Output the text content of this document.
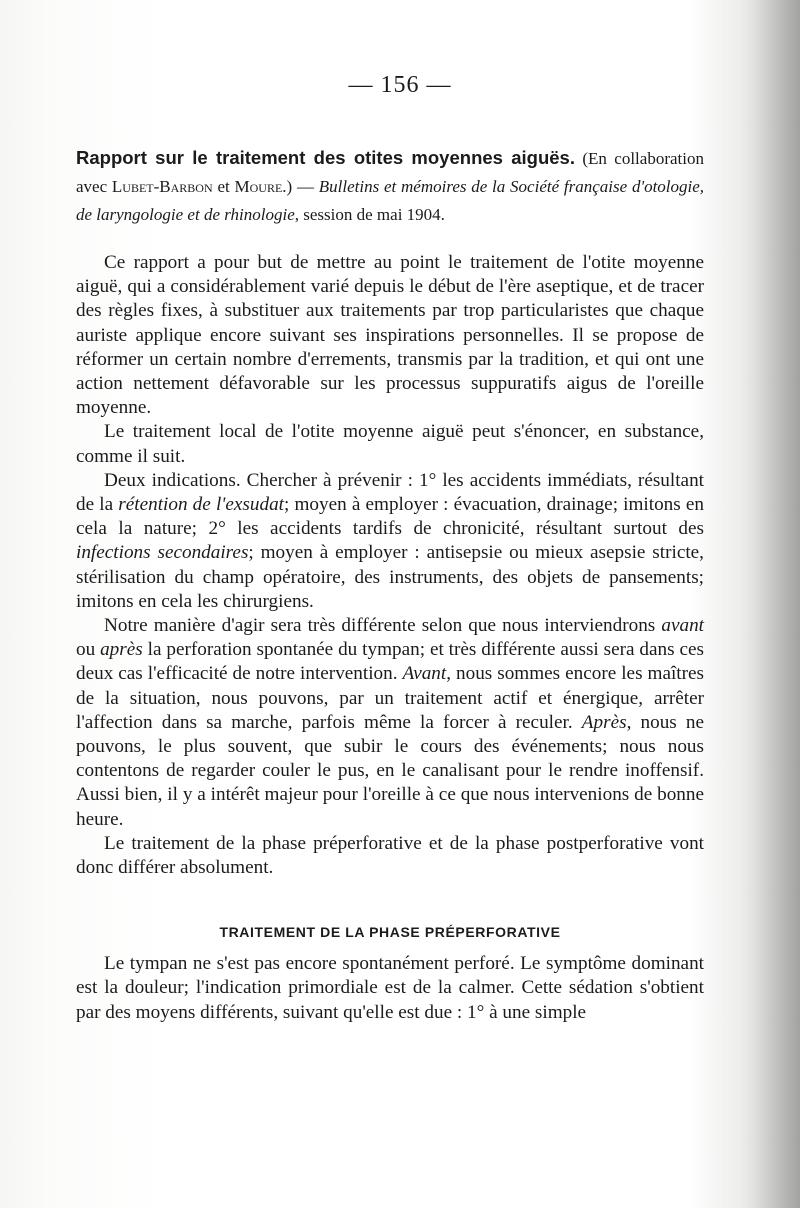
— 156 —

Rapport sur le traitement des otites moyennes aiguës. (En collaboration avec Lubet-Barbon et Moure.) — Bulletins et mémoires de la Société française d'otologie, de laryngologie et de rhinologie, session de mai 1904.

Ce rapport a pour but de mettre au point le traitement de l'otite moyenne aiguë, qui a considérablement varié depuis le début de l'ère aseptique, et de tracer des règles fixes, à substituer aux traitements par trop particularistes que chaque auriste applique encore suivant ses inspirations personnelles. Il se propose de réformer un certain nombre d'errements, transmis par la tradition, et qui ont une action nettement défavorable sur les processus suppuratifs aigus de l'oreille moyenne.

Le traitement local de l'otite moyenne aiguë peut s'énoncer, en substance, comme il suit.

Deux indications. Chercher à prévenir : 1° les accidents immédiats, résultant de la rétention de l'exsudat; moyen à employer : évacuation, drainage; imitons en cela la nature; 2° les accidents tardifs de chronicité, résultant surtout des infections secondaires; moyen à employer : antisepsie ou mieux asepsie stricte, stérilisation du champ opératoire, des instruments, des objets de pansements; imitons en cela les chirurgiens.

Notre manière d'agir sera très différente selon que nous interviendrons avant ou après la perforation spontanée du tympan; et très différente aussi sera dans ces deux cas l'efficacité de notre intervention. Avant, nous sommes encore les maîtres de la situation, nous pouvons, par un traitement actif et énergique, arrêter l'affection dans sa marche, parfois même la forcer à reculer. Après, nous ne pouvons, le plus souvent, que subir le cours des événements; nous nous contentons de regarder couler le pus, en le canalisant pour le rendre inoffensif. Aussi bien, il y a intérêt majeur pour l'oreille à ce que nous intervenions de bonne heure.

Le traitement de la phase préperforative et de la phase postperforative vont donc différer absolument.

TRAITEMENT DE LA PHASE PRÉPERFORATIVE

Le tympan ne s'est pas encore spontanément perforé. Le symptôme dominant est la douleur; l'indication primordiale est de la calmer. Cette sédation s'obtient par des moyens différents, suivant qu'elle est due : 1° à une simple
